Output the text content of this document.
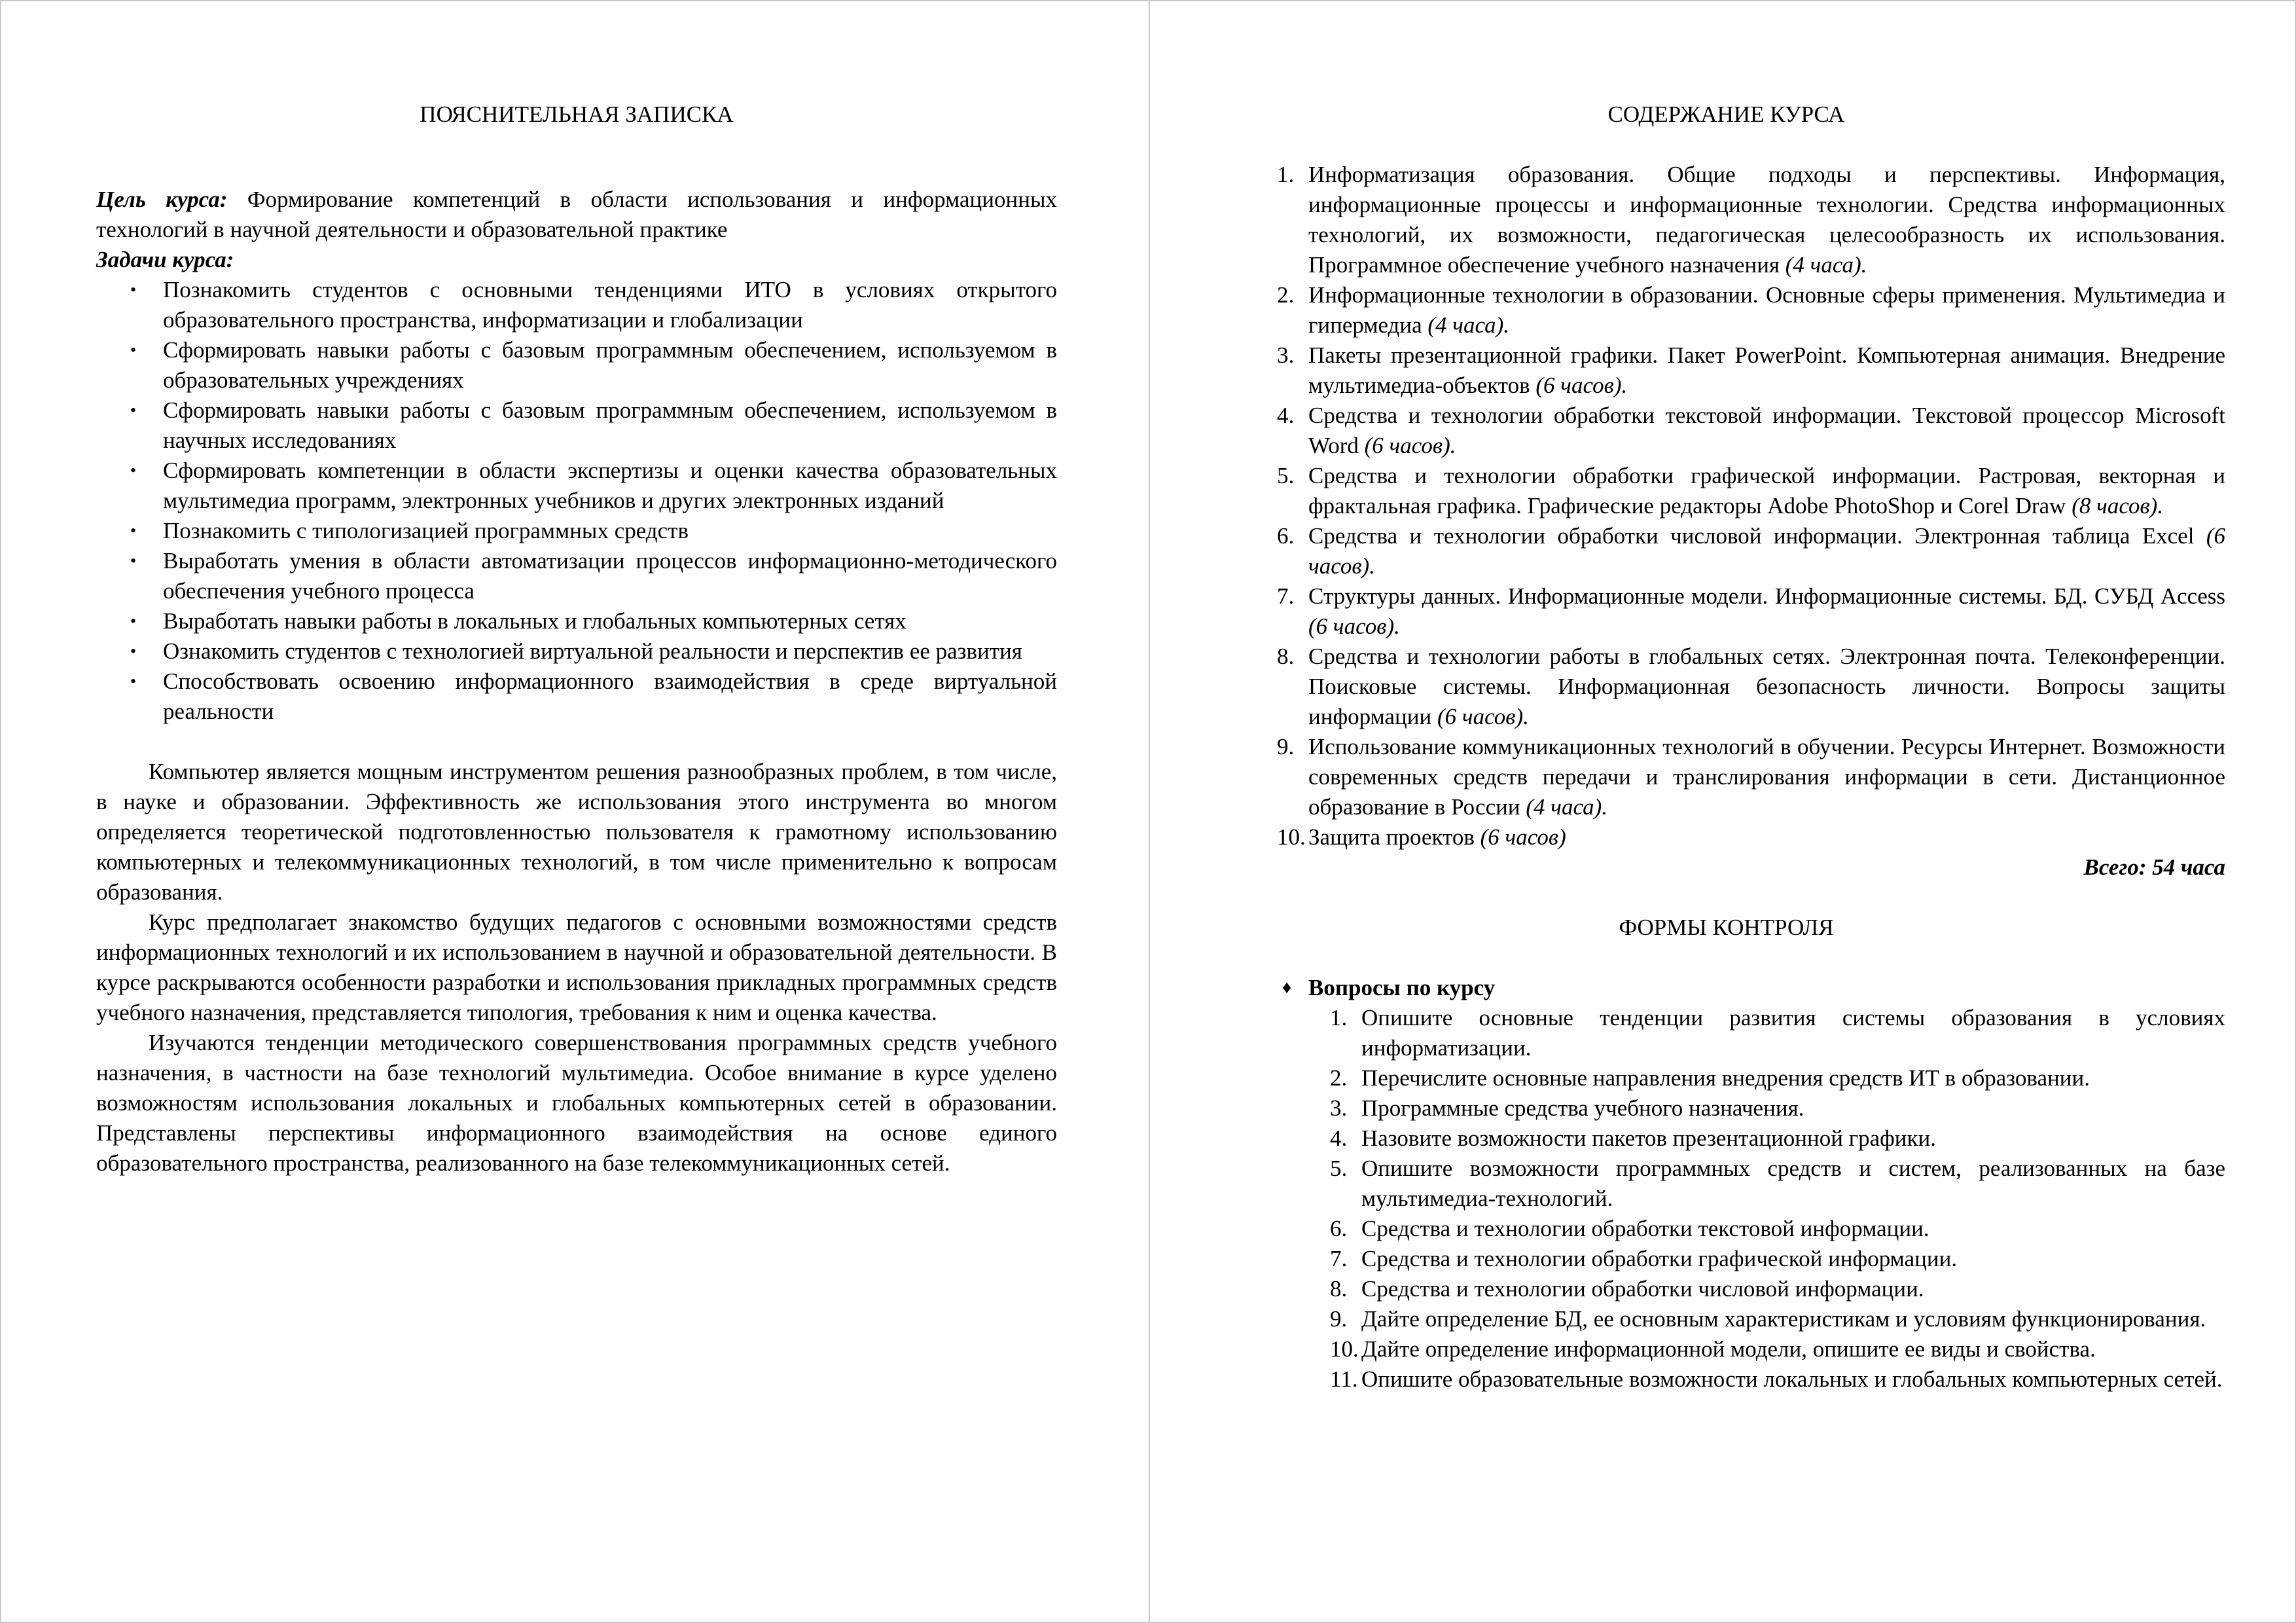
ПОЯСНИТЕЛЬНАЯ ЗАПИСКА

Цель курса: Формирование компетенций в области использования и информационных технологий в научной деятельности и образовательной практике

Задачи курса:

• Познакомить студентов с основными тенденциями ИТО в условиях открытого образовательного пространства, информатизации и глобализации
• Сформировать навыки работы с базовым программным обеспечением, используемом в образовательных учреждениях
• Сформировать навыки работы с базовым программным обеспечением, используемом в научных исследованиях
• Сформировать компетенции в области экспертизы и оценки качества образовательных мультимедиа программ, электронных учебников и других электронных изданий
• Познакомить с типологизацией программных средств
• Выработать умения в области автоматизации процессов информационно-методического обеспечения учебного процесса
• Выработать навыки работы в локальных и глобальных компьютерных сетях
• Ознакомить студентов с технологией виртуальной реальности и перспектив ее развития
• Способствовать освоению информационного взаимодействия в среде виртуальной реальности

Компьютер является мощным инструментом решения разнообразных проблем, в том числе, в науке и образовании. Эффективность же использования этого инструмента во многом определяется теоретической подготовленностью пользователя к грамотному использованию компьютерных и телекоммуникационных технологий, в том числе применительно к вопросам образования.

Курс предполагает знакомство будущих педагогов с основными возможностями средств информационных технологий и их использованием в научной и образовательной деятельности. В курсе раскрываются особенности разработки и использования прикладных программных средств учебного назначения, представляется типология, требования к ним и оценка качества.

Изучаются тенденции методического совершенствования программных средств учебного назначения, в частности на базе технологий мультимедиа. Особое внимание в курсе уделено возможностям использования локальных и глобальных компьютерных сетей в образовании. Представлены перспективы информационного взаимодействия на основе единого образовательного пространства, реализованного на базе телекоммуникационных сетей.

СОДЕРЖАНИЕ КУРСА
1. Информатизация образования. Общие подходы и перспективы. Информация, информационные процессы и информационные технологии. Средства информационных технологий, их возможности, педагогическая целесообразность их использования. Программное обеспечение учебного назначения (4 часа).
2. Информационные технологии в образовании. Основные сферы применения. Мультимедиа и гипермедиа (4 часа).
3. Пакеты презентационной графики. Пакет PowerPoint. Компьютерная анимация. Внедрение мультимедиа-объектов (6 часов).
4. Средства и технологии обработки текстовой информации. Текстовой процессор Microsoft Word (6 часов).
5. Средства и технологии обработки графической информации. Растровая, векторная и фрактальная графика. Графические редакторы Adobe PhotoShop и Corel Draw (8 часов).
6. Средства и технологии обработки числовой информации. Электронная таблица Excel (6 часов).
7. Структуры данных. Информационные модели. Информационные системы. БД. СУБД Access (6 часов).
8. Средства и технологии работы в глобальных сетях. Электронная почта. Телеконференции. Поисковые системы. Информационная безопасность личности. Вопросы защиты информации (6 часов).
9. Использование коммуникационных технологий в обучении. Ресурсы Интернет. Возможности современных средств передачи и транслирования информации в сети. Дистанционное образование в России (4 часа).
10. Защита проектов (6 часов)

Всего: 54 часа

ФОРМЫ КОНТРОЛЯ
♦ Вопросы по курсу
1. Опишите основные тенденции развития системы образования в условиях информатизации.
2. Перечислите основные направления внедрения средств ИТ в образовании.
3. Программные средства учебного назначения.
4. Назовите возможности пакетов презентационной графики.
5. Опишите возможности программных средств и систем, реализованных на базе мультимедиа-технологий.
6. Средства и технологии обработки текстовой информации.
7. Средства и технологии обработки графической информации.
8. Средства и технологии обработки числовой информации.
9. Дайте определение БД, ее основным характеристикам и условиям функционирования.
10. Дайте определение информационной модели, опишите ее виды и свойства.
11. Опишите образовательные возможности локальных и глобальных компьютерных сетей.
